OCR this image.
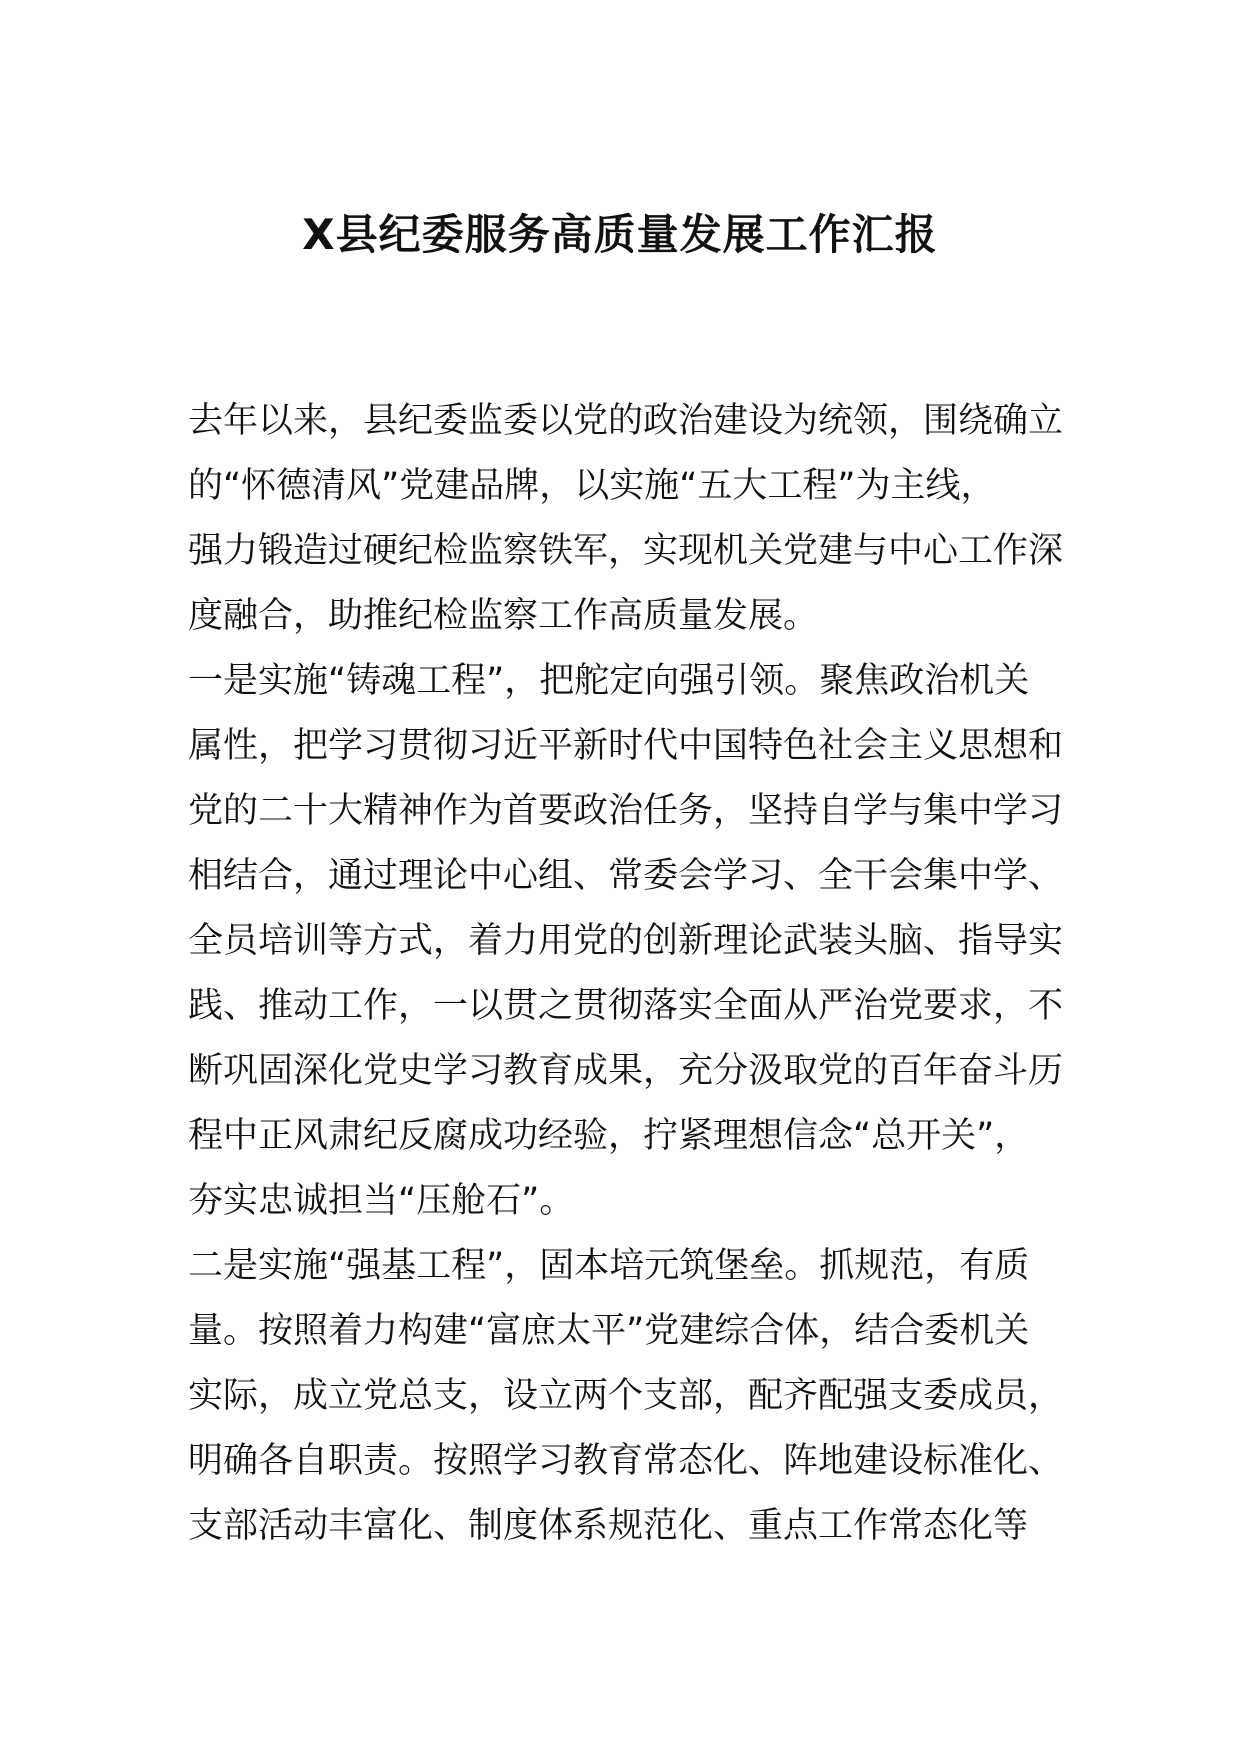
X县纪委服务高质量发展工作汇报
去年以来，县纪委监委以党的政治建设为统领，围绕确立
的“怀德清风”党建品牌，以实施“五大工程”为主线，
强力锻造过硬纪检监察铁军，实现机关党建与中心工作深
度融合，助推纪检监察工作高质量发展。
一是实施“铸魂工程”，把舵定向强引领。聚焦政治机关
属性，把学习贯彻习近平新时代中国特色社会主义思想和
党的二十大精神作为首要政治任务，坚持自学与集中学习
相结合，通过理论中心组、常委会学习、全干会集中学、
全员培训等方式，着力用党的创新理论武装头脑、指导实
践、推动工作，一以贯之贯彻落实全面从严治党要求，不
断巩固深化党史学习教育成果，充分汲取党的百年奋斗历
程中正风肃纪反腐成功经验，拧紧理想信念“总开关”，
夯实忠诚担当“压舱石”。
二是实施“强基工程”，固本培元筑堡垒。抓规范，有质
量。按照着力构建“富庶太平”党建综合体，结合委机关
实际，成立党总支，设立两个支部，配齐配强支委成员，
明确各自职责。按照学习教育常态化、阵地建设标准化、
支部活动丰富化、制度体系规范化、重点工作常态化等
